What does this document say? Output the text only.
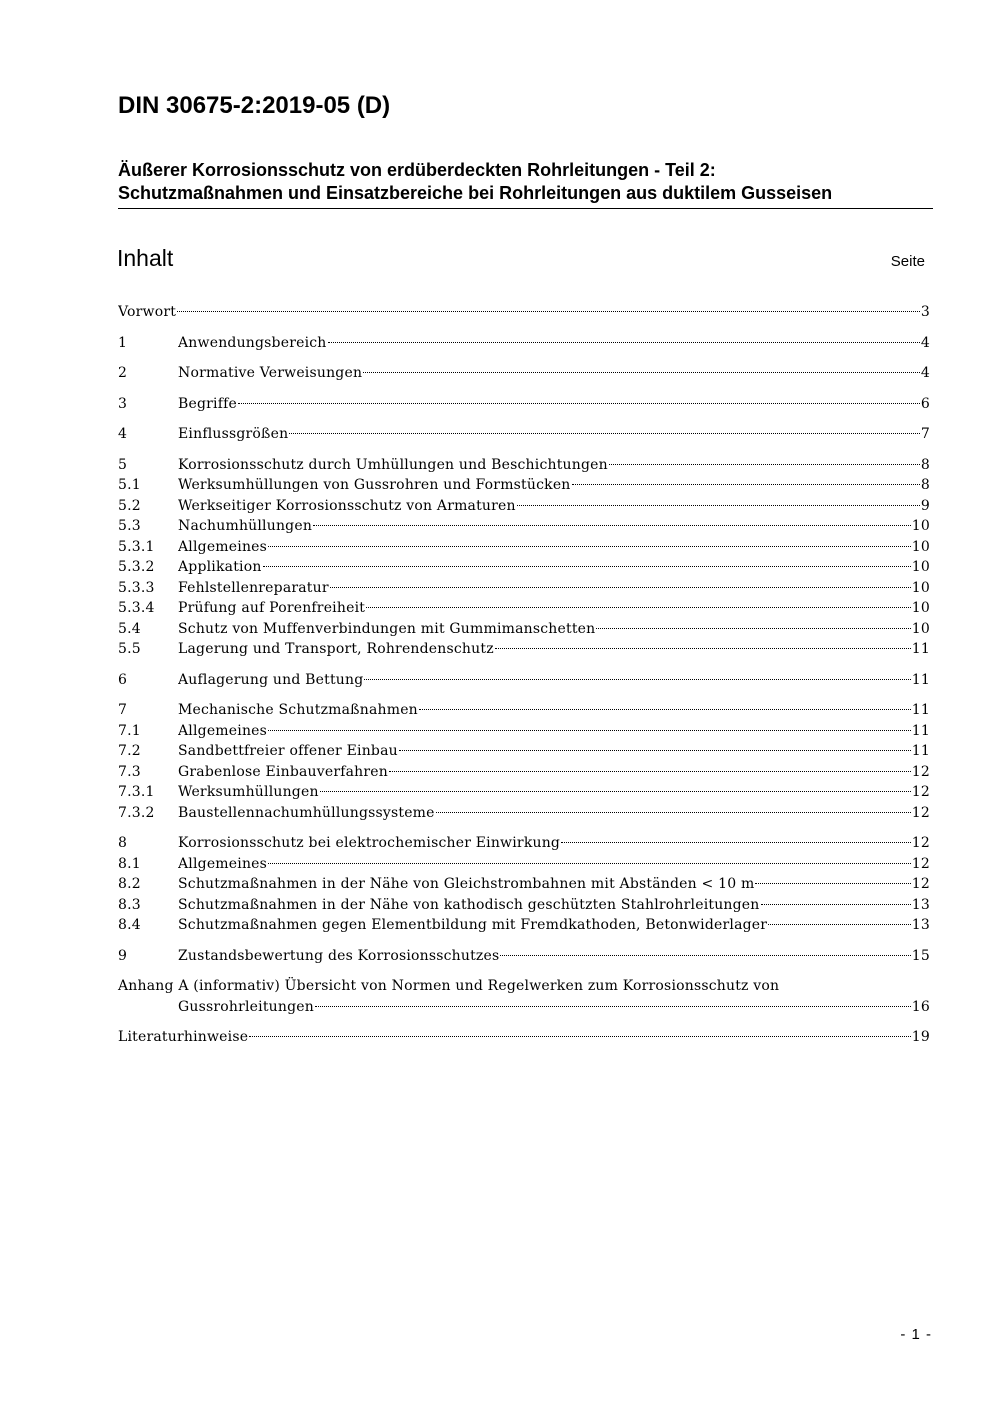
DIN 30675-2:2019-05 (D)
Äußerer Korrosionsschutz von erdüberdeckten Rohrleitungen - Teil 2:
Schutzmaßnahmen und Einsatzbereiche bei Rohrleitungen aus duktilem Gusseisen
Inhalt	Seite
Vorwort	3
1	Anwendungsbereich	4
2	Normative Verweisungen	4
3	Begriffe	6
4	Einflussgrößen	7
5	Korrosionsschutz durch Umhüllungen und Beschichtungen	8
5.1	Werksumhüllungen von Gussrohren und Formstücken	8
5.2	Werkseitiger Korrosionsschutz von Armaturen	9
5.3	Nachumhüllungen	10
5.3.1	Allgemeines	10
5.3.2	Applikation	10
5.3.3	Fehlstellenreparatur	10
5.3.4	Prüfung auf Porenfreiheit	10
5.4	Schutz von Muffenverbindungen mit Gummimanschetten	10
5.5	Lagerung und Transport, Rohrendenschutz	11
6	Auflagerung und Bettung	11
7	Mechanische Schutzmaßnahmen	11
7.1	Allgemeines	11
7.2	Sandbettfreier offener Einbau	11
7.3	Grabenlose Einbauverfahren	12
7.3.1	Werksumhüllungen	12
7.3.2	Baustellennachumhüllungssysteme	12
8	Korrosionsschutz bei elektrochemischer Einwirkung	12
8.1	Allgemeines	12
8.2	Schutzmaßnahmen in der Nähe von Gleichstrombahnen mit Abständen < 10 m	12
8.3	Schutzmaßnahmen in der Nähe von kathodisch geschützten Stahlrohrleitungen	13
8.4	Schutzmaßnahmen gegen Elementbildung mit Fremdkathoden, Betonwiderlager	13
9	Zustandsbewertung des Korrosionsschutzes	15
Anhang A (informativ) Übersicht von Normen und Regelwerken zum Korrosionsschutz von
Gussrohrleitungen	16
Literaturhinweise	19
- 1 -
